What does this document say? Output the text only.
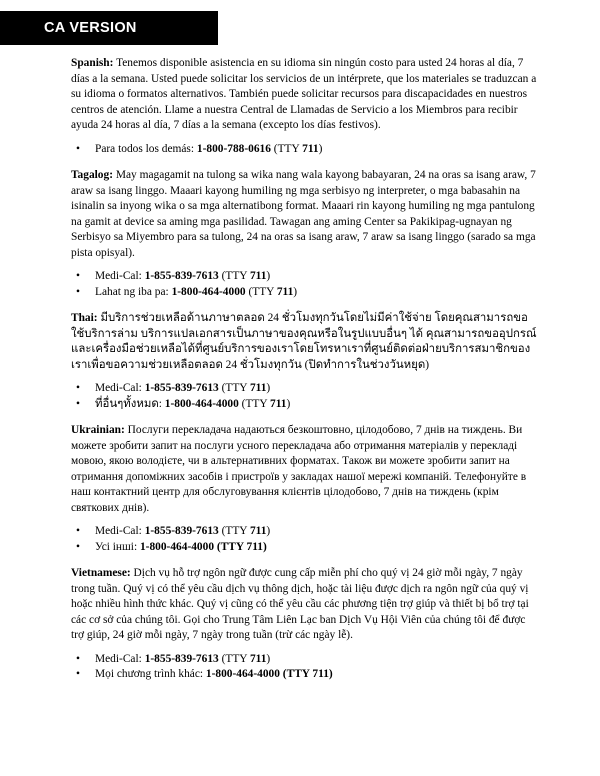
CA VERSION

Spanish: Tenemos disponible asistencia en su idioma sin ningún costo para usted 24 horas al día, 7 días a la semana. Usted puede solicitar los servicios de un intérprete, que los materiales se traduzcan a su idioma o formatos alternativos. También puede solicitar recursos para discapacidades en nuestros centros de atención. Llame a nuestra Central de Llamadas de Servicio a los Miembros para recibir ayuda 24 horas al día, 7 días a la semana (excepto los días festivos).

• Para todos los demás: 1-800-788-0616 (TTY 711)

Tagalog: May magagamit na tulong sa wika nang wala kayong babayaran, 24 na oras sa isang araw, 7 araw sa isang linggo. Maaari kayong humiling ng mga serbisyo ng interpreter, o mga babasahin na isinalin sa inyong wika o sa mga alternatibong format. Maaari rin kayong humiling ng mga pantulong na gamit at device sa aming mga pasilidad. Tawagan ang aming Center sa Pakikipag-ugnayan ng Serbisyo sa Miyembro para sa tulong, 24 na oras sa isang araw, 7 araw sa isang linggo (sarado sa mga pista opisyal).

• Medi-Cal: 1-855-839-7613 (TTY 711)
• Lahat ng iba pa: 1-800-464-4000 (TTY 711)

Thai: มีบริการช่วยเหลือด้านภาษาตลอด 24 ชั่วโมงทุกวันโดยไม่มีค่าใช้จ่าย โดยคุณสามารถขอใช้บริการล่าม บริการแปลเอกสารเป็นภาษาของคุณหรือในรูปแบบอื่นๆ ได้ คุณสามารถขออุปกรณ์และเครื่องมือช่วยเหลือได้ที่ศูนย์บริการของเราโดยโทรหาเราที่ศูนย์ติดต่อฝ่ายบริการสมาชิกของเราเพื่อขอความช่วยเหลือตลอด 24 ชั่วโมงทุกวัน (ปิดทำการในช่วงวันหยุด)

• Medi-Cal: 1-855-839-7613 (TTY 711)
• ที่อื่นๆทั้งหมด: 1-800-464-4000 (TTY 711)

Ukrainian: Послуги перекладача надаються безкоштовно, цілодобово, 7 днів на тиждень. Ви можете зробити запит на послуги усного перекладача або отримання матеріалів у перекладі мовою, якою володієте, чи в альтернативних форматах. Також ви можете зробити запит на отримання допоміжних засобів і пристроїв у закладах нашої мережі компаній. Телефонуйте в наш контактний центр для обслуговування клієнтів цілодобово, 7 днів на тиждень (крім святкових днів).

• Medi-Cal: 1-855-839-7613 (TTY 711)
• Усі інші: 1-800-464-4000 (TTY 711)

Vietnamese: Dịch vụ hỗ trợ ngôn ngữ được cung cấp miễn phí cho quý vị 24 giờ mỗi ngày, 7 ngày trong tuần. Quý vị có thể yêu cầu dịch vụ thông dịch, hoặc tài liệu được dịch ra ngôn ngữ của quý vị hoặc nhiều hình thức khác. Quý vị cũng có thể yêu cầu các phương tiện trợ giúp và thiết bị bổ trợ tại các cơ sở của chúng tôi. Gọi cho Trung Tâm Liên Lạc ban Dịch Vụ Hội Viên của chúng tôi để được trợ giúp, 24 giờ mỗi ngày, 7 ngày trong tuần (trừ các ngày lễ).

• Medi-Cal: 1-855-839-7613 (TTY 711)
• Mọi chương trình khác: 1-800-464-4000 (TTY 711)
